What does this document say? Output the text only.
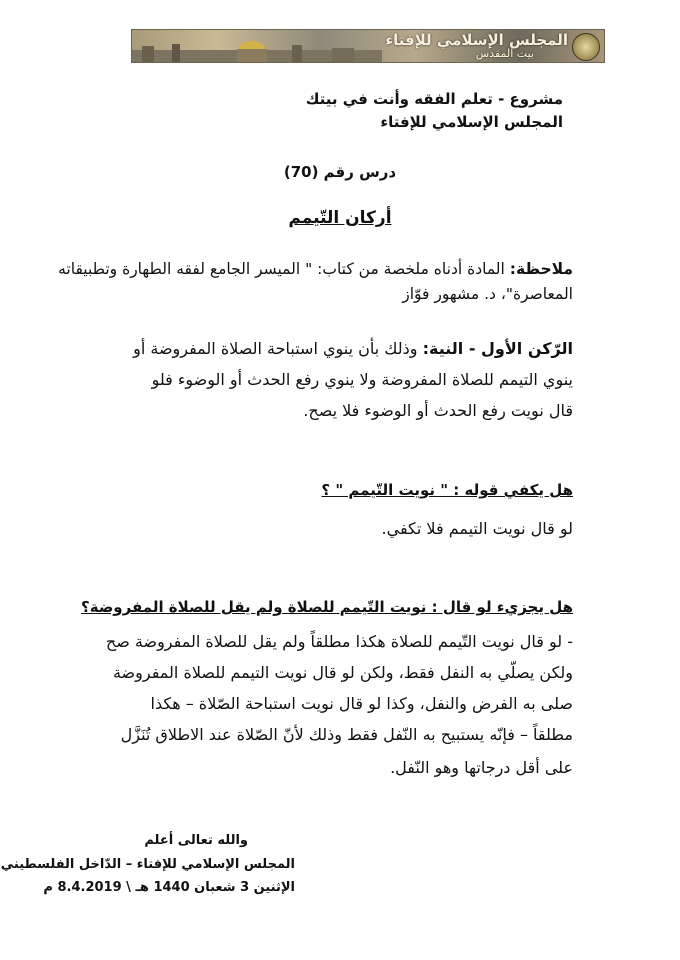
المجلس الإسلامي للإفتاء
بيت المقدس
مشروع - تعلم الفقه وأنت في بيتك
المجلس الإسلامي للإفتاء
درس رقم (70)
أركان التّيمم
ملاحظة: المادة أدناه ملخصة من كتاب: " الميسر الجامع لفقه الطهارة وتطبيقاته
المعاصرة"، د. مشهور فوّاز
الرّكن الأول - النية: وذلك بأن ينوي استباحة الصلاة المفروضة أو
ينوي التيمم للصلاة المفروضة ولا ينوي رفع الحدث أو الوضوء فلو
قال نويت رفع الحدث أو الوضوء فلا يصح.
هل يكفي قوله : " نويت التّيمم " ؟
لو قال نويت التيمم فلا تكفي.
هل يجزيء لو قال : نويت التّيمم للصلاة ولم يقل للصلاة المفروضة؟
- لو قال نويت التّيمم للصلاة هكذا مطلقاً ولم يقل للصلاة المفروضة صح
ولكن يصلّي به النفل فقط، ولكن لو قال نويت التيمم للصلاة المفروضة
صلى به الفرض والنفل، وكذا لو قال نويت استباحة الصّلاة – هكذا
مطلقاً – فإنّه يستبيح به النّفل فقط وذلك لأنّ الصّلاة عند الاطلاق تُنَزَّل
على أقل درجاتها وهو النّفل.
والله تعالى أعلم
المجلس الإسلامي للإفتاء – الدّاخل الفلسطيني
الإثنين 3 شعبان 1440 هـ \ 8.4.2019 م
